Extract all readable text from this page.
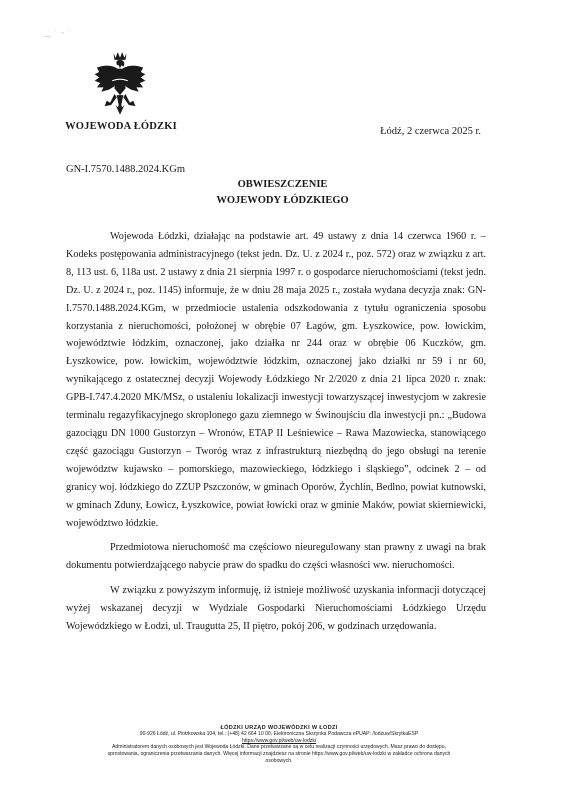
‿ ˙ ‐ ˙
WOJEWODA ŁÓDZKI	Łódź, 2 czerwca 2025 r.
GN-I.7570.1488.2024.KGm
OBWIESZCZENIE
WOJEWODY ŁÓDZKIEGO

Wojewoda Łódzki, działając na podstawie art. 49 ustawy z dnia 14 czerwca 1960 r. – Kodeks postępowania administracyjnego (tekst jedn. Dz. U. z 2024 r., poz. 572) oraz w związku z art. 8, 113 ust. 6, 118a ust. 2 ustawy z dnia 21 sierpnia 1997 r. o gospodarce nieruchomościami (tekst jedn. Dz. U. z 2024 r., poz. 1145) informuje, że w dniu 28 maja 2025 r., została wydana decyzja znak: GN-I.7570.1488.2024.KGm, w przedmiocie ustalenia odszkodowania z tytułu ograniczenia sposobu korzystania z nieruchomości, położonej w obrębie 07 Łagów, gm. Łyszkowice, pow. łowickim, województwie łódzkim, oznaczonej, jako działka nr 244 oraz w obrębie 06 Kuczków, gm. Łyszkowice, pow. łowickim, województwie łódzkim, oznaczonej jako działki nr 59 i nr 60, wynikającego z ostatecznej decyzji Wojewody Łódzkiego Nr 2/2020 z dnia 21 lipca 2020 r. znak: GPB-I.747.4.2020 MK/MSz, o ustaleniu lokalizacji inwestycji towarzyszącej inwestycjom w zakresie terminalu regazyfikacyjnego skroplonego gazu ziemnego w Świnoujściu dla inwestycji pn.: „Budowa gazociągu DN 1000 Gustorzyn – Wronów, ETAP II Leśniewice – Rawa Mazowiecka, stanowiącego część gazociągu Gustorzyn – Tworóg wraz z infrastrukturą niezbędną do jego obsługi na terenie województw kujawsko – pomorskiego, mazowieckiego, łódzkiego i śląskiego”, odcinek 2 – od granicy woj. łódzkiego do ZZUP Pszczonów, w gminach Oporów, Żychlin, Bedlno, powiat kutnowski, w gminach Zduny, Łowicz, Łyszkowice, powiat łowicki oraz w gminie Maków, powiat skierniewicki, województwo łódzkie.

Przedmiotowa nieruchomość ma częściowo nieuregulowany stan prawny z uwagi na brak dokumentu potwierdzającego nabycie praw do spadku do części własności ww. nieruchomości.

W związku z powyższym informuję, iż istnieje możliwość uzyskania informacji dotyczącej wyżej wskazanej decyzji w Wydziale Gospodarki Nieruchomościami Łódzkiego Urzędu Wojewódzkiego w Łodzi, ul. Traugutta 25, II piętro, pokój 206, w godzinach urzędowania.

ŁÓDZKI URZĄD WOJEWÓDZKI W ŁODZI
90-926 Łódź, ul. Piotrkowska 104, tel.: (+48) 42 664 10 00, Elektroniczna Skrzynka Podawcza ePUAP: /lodzuw/SkrytkaESP
https://www.gov.pl/web/uw-lodzki
Administratorem danych osobowych jest Wojewoda Łódzki. Dane przetwarzane są w celu realizacji czynności urzędowych. Masz prawo do dostępu,
sprostowania, ograniczenia przetwarzania danych. Więcej informacji znajdziesz na stronie https://www.gov.pl/web/uw-lodzki w zakładce ochrona danych
osobowych.
